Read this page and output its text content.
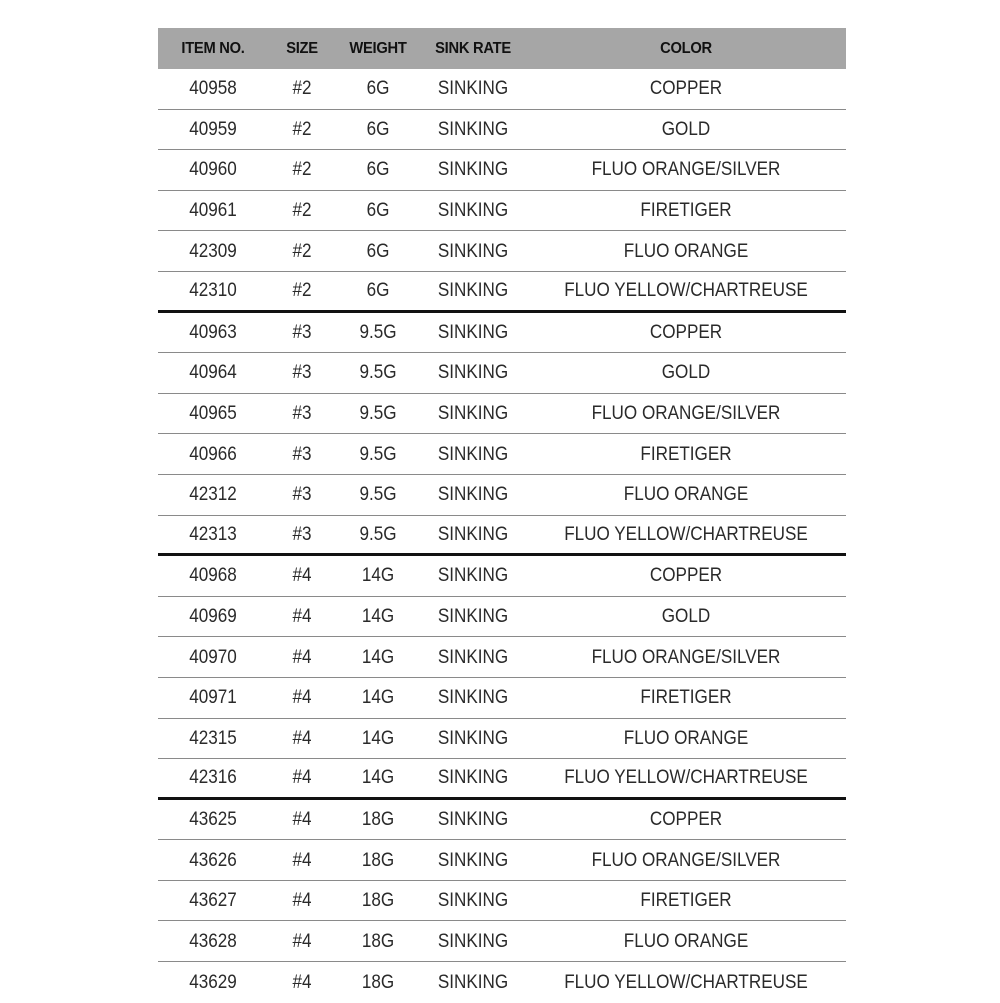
ITEM NO.	SIZE	WEIGHT	SINK RATE	COLOR
40958	#2	6G	SINKING	COPPER
40959	#2	6G	SINKING	GOLD
40960	#2	6G	SINKING	FLUO ORANGE/SILVER
40961	#2	6G	SINKING	FIRETIGER
42309	#2	6G	SINKING	FLUO ORANGE
42310	#2	6G	SINKING	FLUO YELLOW/CHARTREUSE
40963	#3	9.5G	SINKING	COPPER
40964	#3	9.5G	SINKING	GOLD
40965	#3	9.5G	SINKING	FLUO ORANGE/SILVER
40966	#3	9.5G	SINKING	FIRETIGER
42312	#3	9.5G	SINKING	FLUO ORANGE
42313	#3	9.5G	SINKING	FLUO YELLOW/CHARTREUSE
40968	#4	14G	SINKING	COPPER
40969	#4	14G	SINKING	GOLD
40970	#4	14G	SINKING	FLUO ORANGE/SILVER
40971	#4	14G	SINKING	FIRETIGER
42315	#4	14G	SINKING	FLUO ORANGE
42316	#4	14G	SINKING	FLUO YELLOW/CHARTREUSE
43625	#4	18G	SINKING	COPPER
43626	#4	18G	SINKING	FLUO ORANGE/SILVER
43627	#4	18G	SINKING	FIRETIGER
43628	#4	18G	SINKING	FLUO ORANGE
43629	#4	18G	SINKING	FLUO YELLOW/CHARTREUSE
